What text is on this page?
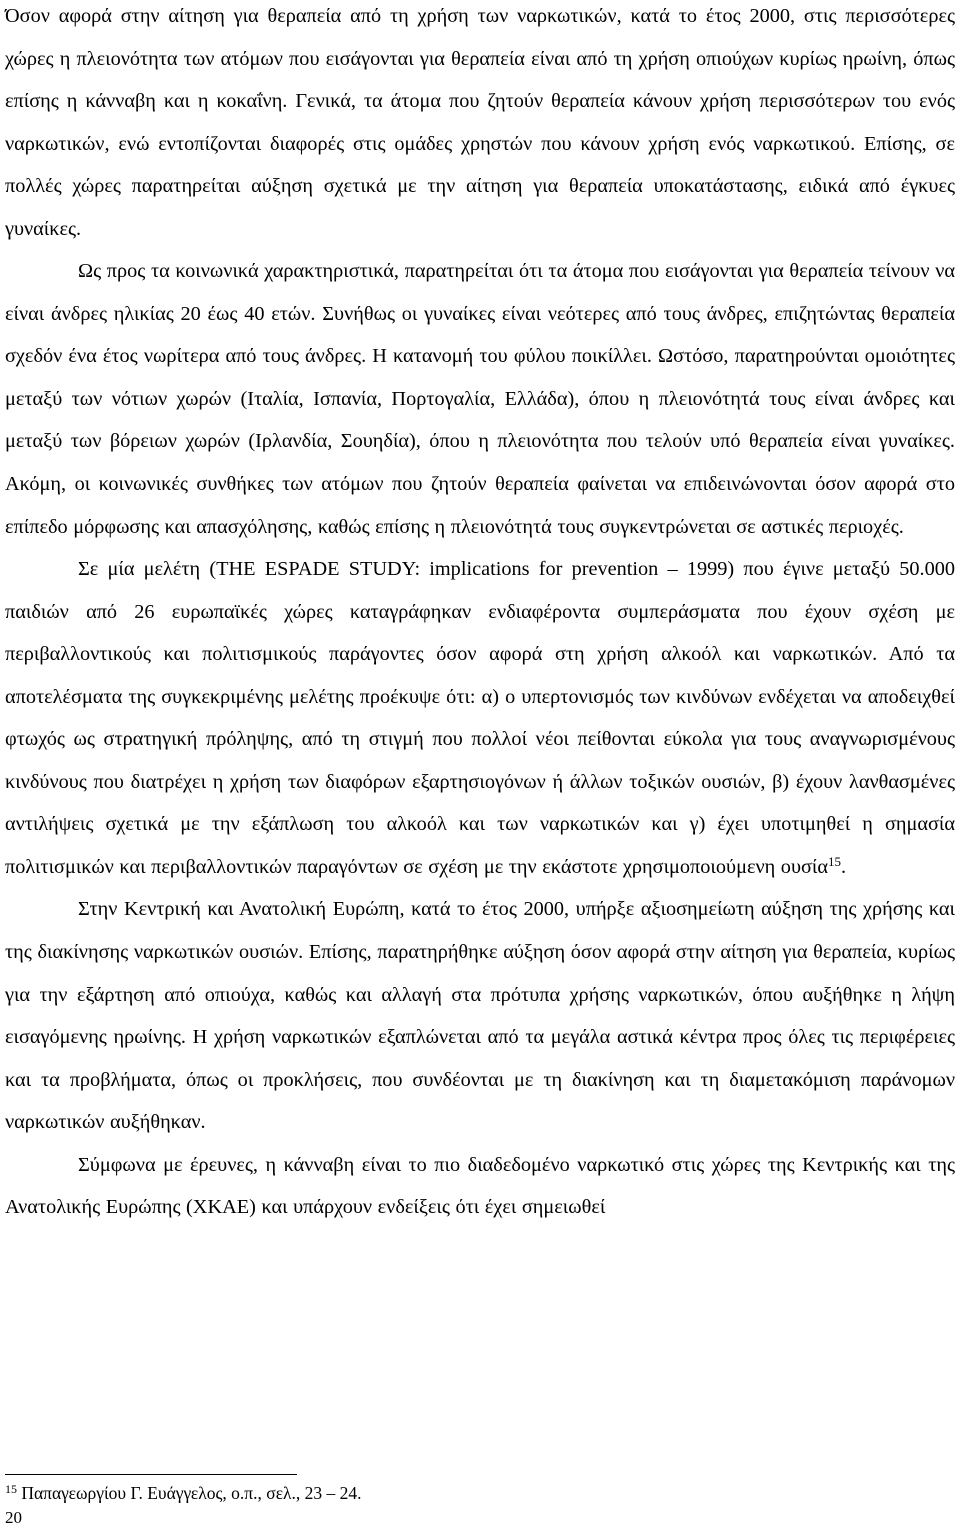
Όσον αφορά στην αίτηση για θεραπεία από τη χρήση των ναρκωτικών, κατά το έτος 2000, στις περισσότερες χώρες η πλειονότητα των ατόμων που εισάγονται για θεραπεία είναι από τη χρήση οπιούχων κυρίως ηρωίνη, όπως επίσης η κάνναβη και η κοκαΐνη. Γενικά, τα άτομα που ζητούν θεραπεία κάνουν χρήση περισσότερων του ενός ναρκωτικών, ενώ εντοπίζονται διαφορές στις ομάδες χρηστών που κάνουν χρήση ενός ναρκωτικού. Επίσης, σε πολλές χώρες παρατηρείται αύξηση σχετικά με την αίτηση για θεραπεία υποκατάστασης, ειδικά από έγκυες γυναίκες.

Ως προς τα κοινωνικά χαρακτηριστικά, παρατηρείται ότι τα άτομα που εισάγονται για θεραπεία τείνουν να είναι άνδρες ηλικίας 20 έως 40 ετών. Συνήθως οι γυναίκες είναι νεότερες από τους άνδρες, επιζητώντας θεραπεία σχεδόν ένα έτος νωρίτερα από τους άνδρες. Η κατανομή του φύλου ποικίλλει. Ωστόσο, παρατηρούνται ομοιότητες μεταξύ των νότιων χωρών (Ιταλία, Ισπανία, Πορτογαλία, Ελλάδα), όπου η πλειονότητά τους είναι άνδρες και μεταξύ των βόρειων χωρών (Ιρλανδία, Σουηδία), όπου η πλειονότητα που τελούν υπό θεραπεία είναι γυναίκες. Ακόμη, οι κοινωνικές συνθήκες των ατόμων που ζητούν θεραπεία φαίνεται να επιδεινώνονται όσον αφορά στο επίπεδο μόρφωσης και απασχόλησης, καθώς επίσης η πλειονότητά τους συγκεντρώνεται σε αστικές περιοχές.

Σε μία μελέτη (THE ESPADE STUDY: implications for prevention – 1999) που έγινε μεταξύ 50.000 παιδιών από 26 ευρωπαϊκές χώρες καταγράφηκαν ενδιαφέροντα συμπεράσματα που έχουν σχέση με περιβαλλοντικούς και πολιτισμικούς παράγοντες όσον αφορά στη χρήση αλκοόλ και ναρκωτικών. Από τα αποτελέσματα της συγκεκριμένης μελέτης προέκυψε ότι: α) ο υπερτονισμός των κινδύνων ενδέχεται να αποδειχθεί φτωχός ως στρατηγική πρόληψης, από τη στιγμή που πολλοί νέοι πείθονται εύκολα για τους αναγνωρισμένους κινδύνους που διατρέχει η χρήση των διαφόρων εξαρτησιογόνων ή άλλων τοξικών ουσιών, β) έχουν λανθασμένες αντιλήψεις σχετικά με την εξάπλωση του αλκοόλ και των ναρκωτικών και γ) έχει υποτιμηθεί η σημασία πολιτισμικών και περιβαλλοντικών παραγόντων σε σχέση με την εκάστοτε χρησιμοποιούμενη ουσία$^{15}$.

Στην Κεντρική και Ανατολική Ευρώπη, κατά το έτος 2000, υπήρξε αξιοσημείωτη αύξηση της χρήσης και της διακίνησης ναρκωτικών ουσιών. Επίσης, παρατηρήθηκε αύξηση όσον αφορά στην αίτηση για θεραπεία, κυρίως για την εξάρτηση από οπιούχα, καθώς και αλλαγή στα πρότυπα χρήσης ναρκωτικών, όπου αυξήθηκε η λήψη εισαγόμενης ηρωίνης. Η χρήση ναρκωτικών εξαπλώνεται από τα μεγάλα αστικά κέντρα προς όλες τις περιφέρειες και τα προβλήματα, όπως οι προκλήσεις, που συνδέονται με τη διακίνηση και τη διαμετακόμιση παράνομων ναρκωτικών αυξήθηκαν.

Σύμφωνα με έρευνες, η κάνναβη είναι το πιο διαδεδομένο ναρκωτικό στις χώρες της Κεντρικής και της Ανατολικής Ευρώπης (ΧΚΑΕ) και υπάρχουν ενδείξεις ότι έχει σημειωθεί

$^{15}$ Παπαγεωργίου Γ. Ευάγγελος, ο.π., σελ., 23 – 24.
20
